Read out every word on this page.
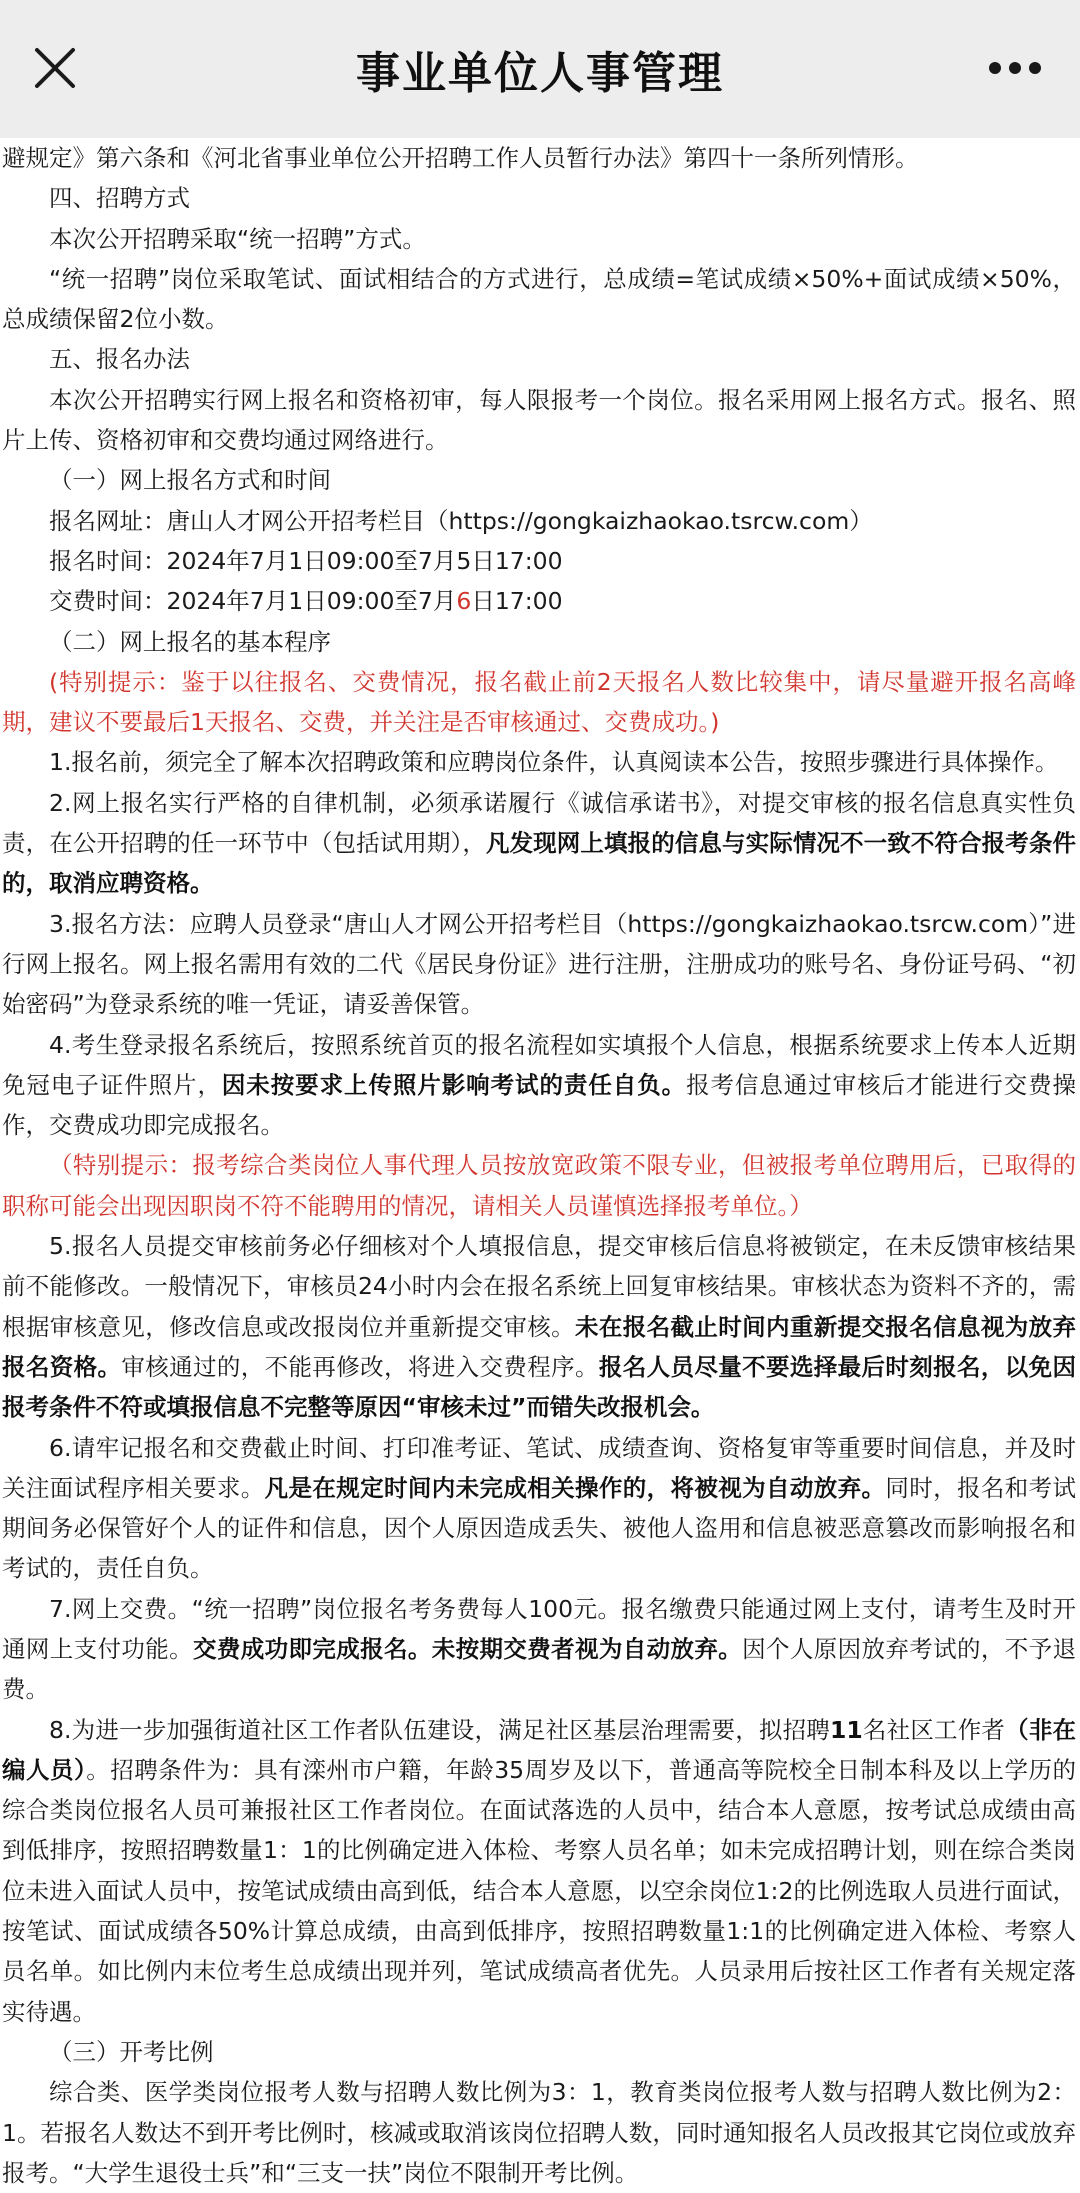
事业单位人事管理

避规定》第六条和《河北省事业单位公开招聘工作人员暂行办法》第四十一条所列情形。

四、招聘方式

本次公开招聘采取“统一招聘”方式。

“统一招聘”岗位采取笔试、面试相结合的方式进行，总成绩=笔试成绩×50%+面试成绩×50%，总成绩保留2位小数。

五、报名办法

本次公开招聘实行网上报名和资格初审，每人限报考一个岗位。报名采用网上报名方式。报名、照片上传、资格初审和交费均通过网络进行。

（一）网上报名方式和时间

报名网址：唐山人才网公开招考栏目（https://gongkaizhaokao.tsrcw.com）

报名时间：2024年7月1日09:00至7月5日17:00

交费时间：2024年7月1日09:00至7月6日17:00

（二）网上报名的基本程序

(特别提示：鉴于以往报名、交费情况，报名截止前2天报名人数比较集中，请尽量避开报名高峰期，建议不要最后1天报名、交费，并关注是否审核通过、交费成功。)

1.报名前，须完全了解本次招聘政策和应聘岗位条件，认真阅读本公告，按照步骤进行具体操作。

2.网上报名实行严格的自律机制，必须承诺履行《诚信承诺书》，对提交审核的报名信息真实性负责，在公开招聘的任一环节中（包括试用期），凡发现网上填报的信息与实际情况不一致不符合报考条件的，取消应聘资格。

3.报名方法：应聘人员登录“唐山人才网公开招考栏目（https://gongkaizhaokao.tsrcw.com）”进行网上报名。网上报名需用有效的二代《居民身份证》进行注册，注册成功的账号名、身份证号码、“初始密码”为登录系统的唯一凭证，请妥善保管。

4.考生登录报名系统后，按照系统首页的报名流程如实填报个人信息，根据系统要求上传本人近期免冠电子证件照片，因未按要求上传照片影响考试的责任自负。报考信息通过审核后才能进行交费操作，交费成功即完成报名。

（特别提示：报考综合类岗位人事代理人员按放宽政策不限专业，但被报考单位聘用后，已取得的职称可能会出现因职岗不符不能聘用的情况，请相关人员谨慎选择报考单位。）

5.报名人员提交审核前务必仔细核对个人填报信息，提交审核后信息将被锁定，在未反馈审核结果前不能修改。一般情况下，审核员24小时内会在报名系统上回复审核结果。审核状态为资料不齐的，需根据审核意见，修改信息或改报岗位并重新提交审核。未在报名截止时间内重新提交报名信息视为放弃报名资格。审核通过的，不能再修改，将进入交费程序。报名人员尽量不要选择最后时刻报名，以免因报考条件不符或填报信息不完整等原因“审核未过”而错失改报机会。

6.请牢记报名和交费截止时间、打印准考证、笔试、成绩查询、资格复审等重要时间信息，并及时关注面试程序相关要求。凡是在规定时间内未完成相关操作的，将被视为自动放弃。同时，报名和考试期间务必保管好个人的证件和信息，因个人原因造成丢失、被他人盗用和信息被恶意篡改而影响报名和考试的，责任自负。

7.网上交费。“统一招聘”岗位报名考务费每人100元。报名缴费只能通过网上支付，请考生及时开通网上支付功能。交费成功即完成报名。未按期交费者视为自动放弃。因个人原因放弃考试的，不予退费。

8.为进一步加强街道社区工作者队伍建设，满足社区基层治理需要，拟招聘11名社区工作者（非在编人员）。招聘条件为：具有滦州市户籍，年龄35周岁及以下，普通高等院校全日制本科及以上学历的综合类岗位报名人员可兼报社区工作者岗位。在面试落选的人员中，结合本人意愿，按考试总成绩由高到低排序，按照招聘数量1：1的比例确定进入体检、考察人员名单；如未完成招聘计划，则在综合类岗位未进入面试人员中，按笔试成绩由高到低，结合本人意愿，以空余岗位1:2的比例选取人员进行面试，按笔试、面试成绩各50%计算总成绩，由高到低排序，按照招聘数量1:1的比例确定进入体检、考察人员名单。如比例内末位考生总成绩出现并列，笔试成绩高者优先。人员录用后按社区工作者有关规定落实待遇。

（三）开考比例

综合类、医学类岗位报考人数与招聘人数比例为3：1，教育类岗位报考人数与招聘人数比例为2：1。若报名人数达不到开考比例时，核减或取消该岗位招聘人数，同时通知报名人员改报其它岗位或放弃报考。“大学生退役士兵”和“三支一扶”岗位不限制开考比例。
